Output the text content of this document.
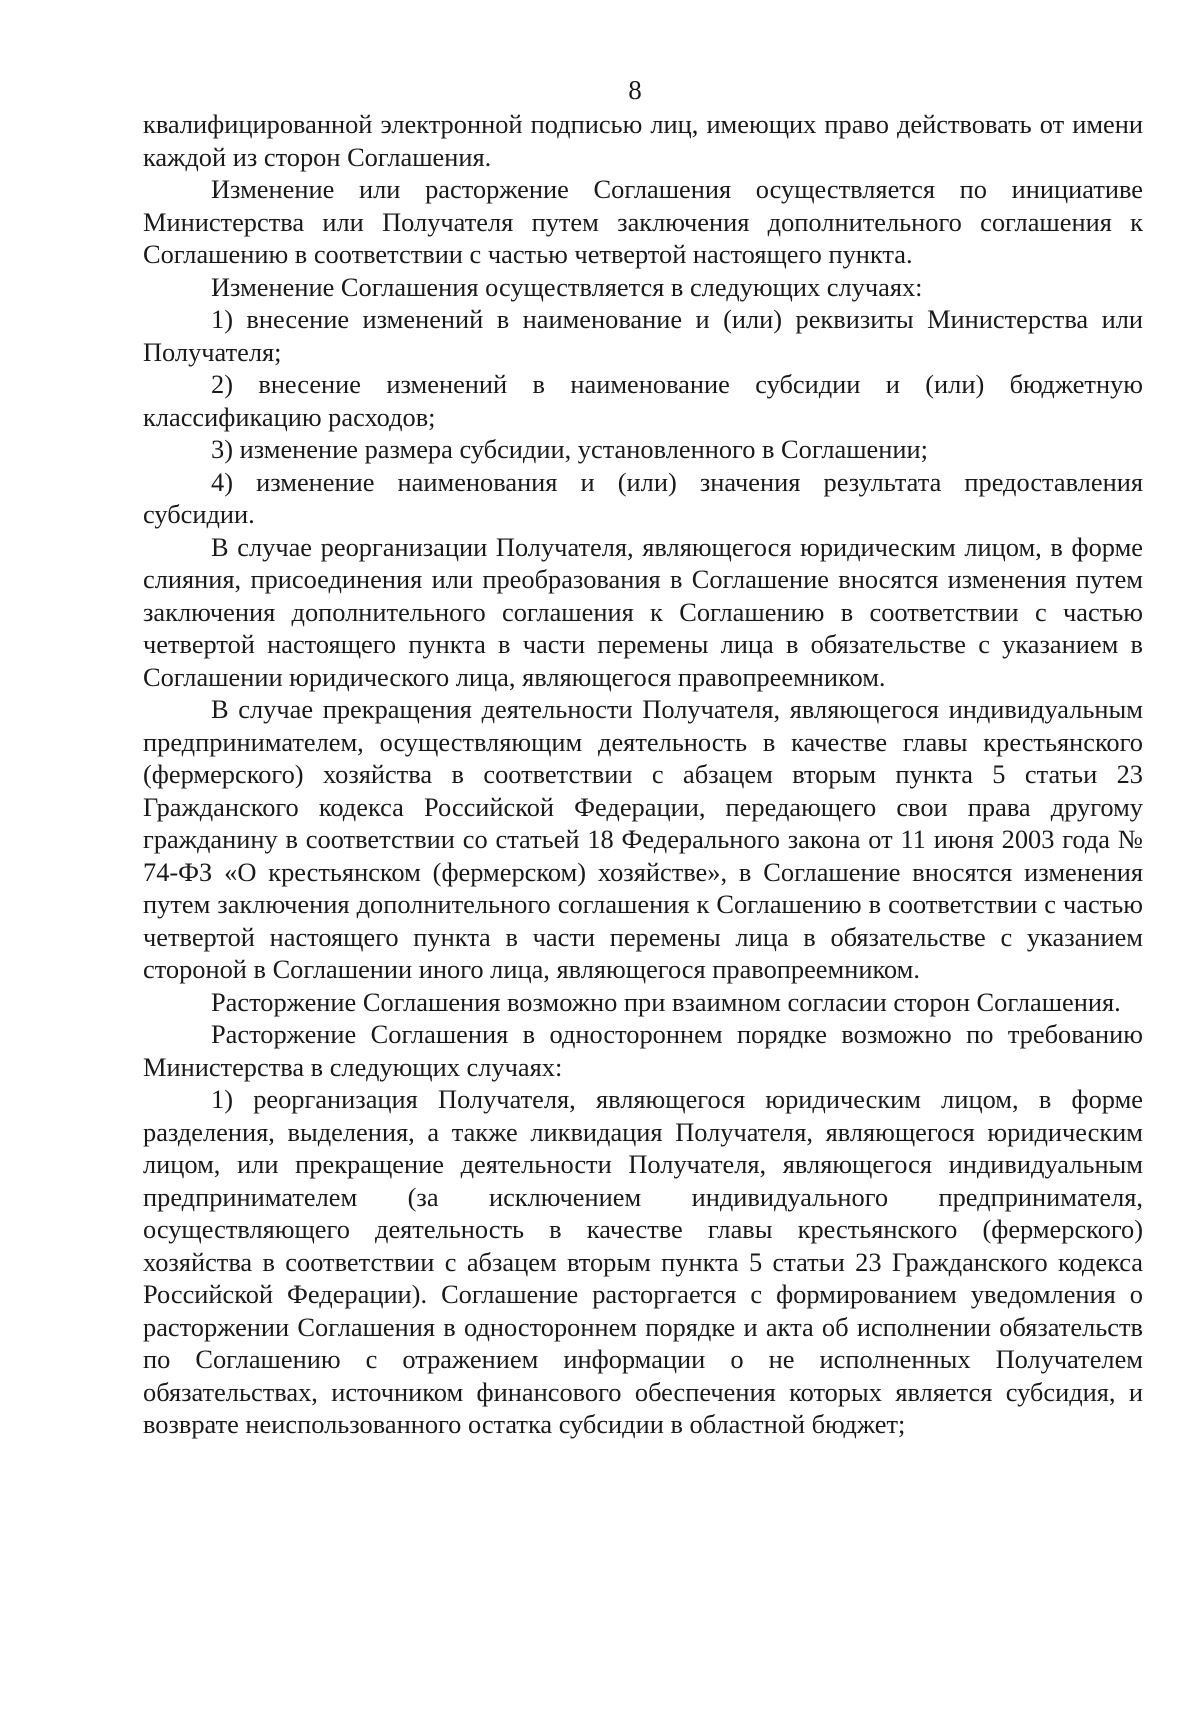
8

квалифицированной электронной подписью лиц, имеющих право действовать от имени каждой из сторон Соглашения.

Изменение или расторжение Соглашения осуществляется по инициативе Министерства или Получателя путем заключения дополнительного соглашения к Соглашению в соответствии с частью четвертой настоящего пункта.

Изменение Соглашения осуществляется в следующих случаях:

1) внесение изменений в наименование и (или) реквизиты Министерства или Получателя;

2) внесение изменений в наименование субсидии и (или) бюджетную классификацию расходов;

3) изменение размера субсидии, установленного в Соглашении;

4) изменение наименования и (или) значения результата предоставления субсидии.

В случае реорганизации Получателя, являющегося юридическим лицом, в форме слияния, присоединения или преобразования в Соглашение вносятся изменения путем заключения дополнительного соглашения к Соглашению в соответствии с частью четвертой настоящего пункта в части перемены лица в обязательстве с указанием в Соглашении юридического лица, являющегося правопреемником.

В случае прекращения деятельности Получателя, являющегося индивидуальным предпринимателем, осуществляющим деятельность в качестве главы крестьянского (фермерского) хозяйства в соответствии с абзацем вторым пункта 5 статьи 23 Гражданского кодекса Российской Федерации, передающего свои права другому гражданину в соответствии со статьей 18 Федерального закона от 11 июня 2003 года № 74-ФЗ «О крестьянском (фермерском) хозяйстве», в Соглашение вносятся изменения путем заключения дополнительного соглашения к Соглашению в соответствии с частью четвертой настоящего пункта в части перемены лица в обязательстве с указанием стороной в Соглашении иного лица, являющегося правопреемником.

Расторжение Соглашения возможно при взаимном согласии сторон Соглашения.

Расторжение Соглашения в одностороннем порядке возможно по требованию Министерства в следующих случаях:

1) реорганизация Получателя, являющегося юридическим лицом, в форме разделения, выделения, а также ликвидация Получателя, являющегося юридическим лицом, или прекращение деятельности Получателя, являющегося индивидуальным предпринимателем (за исключением индивидуального предпринимателя, осуществляющего деятельность в качестве главы крестьянского (фермерского) хозяйства в соответствии с абзацем вторым пункта 5 статьи 23 Гражданского кодекса Российской Федерации). Соглашение расторгается с формированием уведомления о расторжении Соглашения в одностороннем порядке и акта об исполнении обязательств по Соглашению с отражением информации о не исполненных Получателем обязательствах, источником финансового обеспечения которых является субсидия, и возврате неиспользованного остатка субсидии в областной бюджет;
